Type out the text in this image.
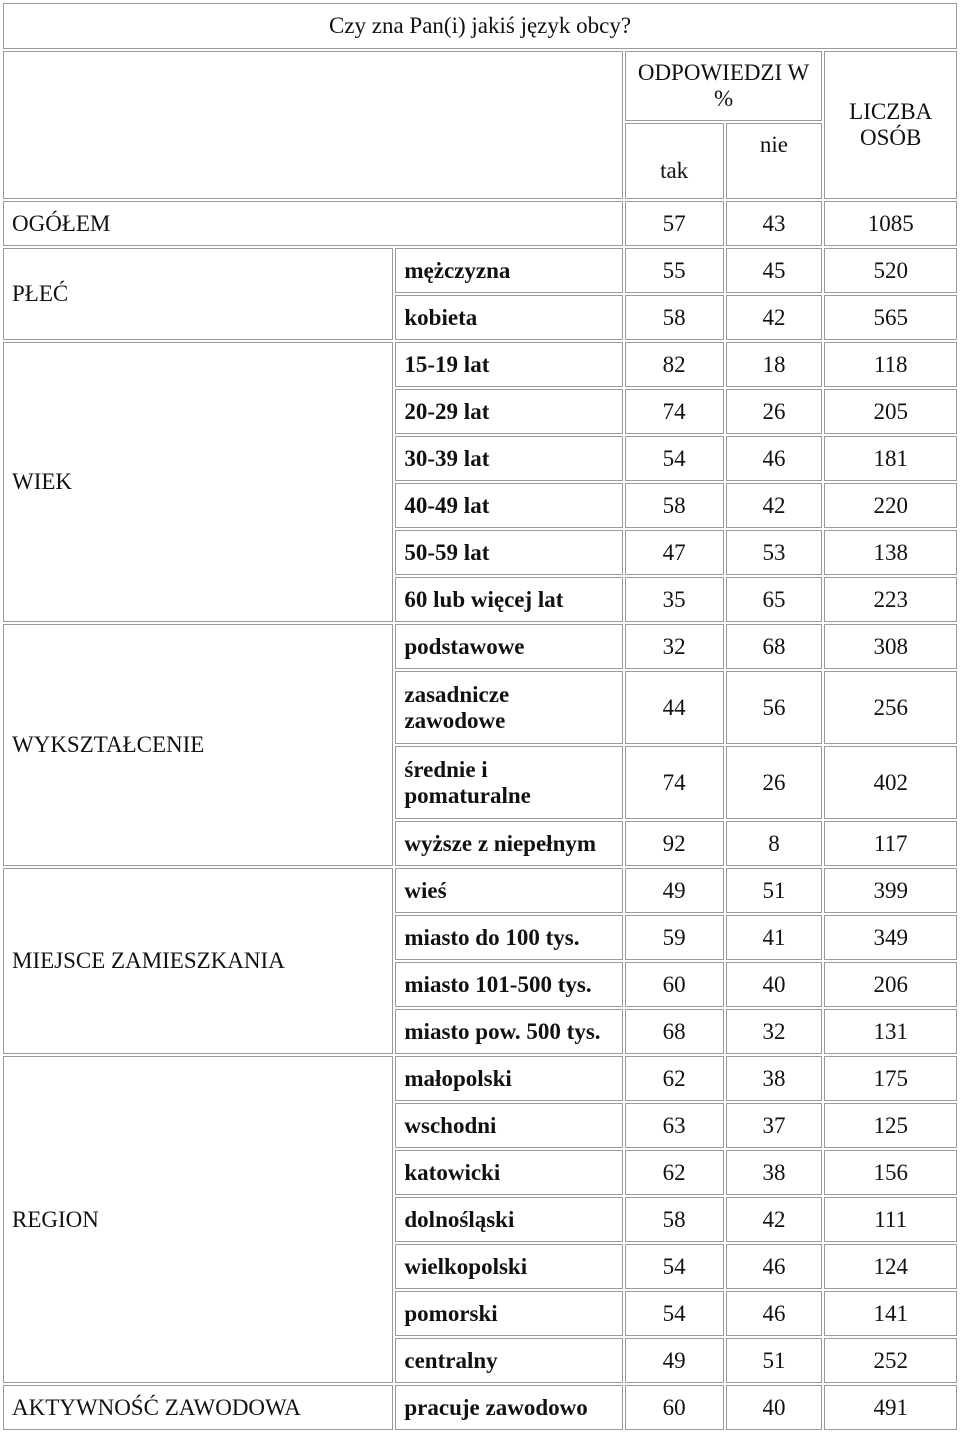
Czy zna Pan(i) jakiś język obcy?				
		ODPOWIEDZI W %		LICZBA OSÓB
		tak	nie	
OGÓŁEM		57	43	1085
PŁEĆ	mężczyzna	55	45	520
	kobieta	58	42	565
WIEK	15-19 lat	82	18	118
	20-29 lat	74	26	205
	30-39 lat	54	46	181
	40-49 lat	58	42	220
	50-59 lat	47	53	138
	60 lub więcej lat	35	65	223
WYKSZTAŁCENIE	podstawowe	32	68	308
	zasadnicze zawodowe	44	56	256
	średnie i pomaturalne	74	26	402
	wyższe z niepełnym	92	8	117
MIEJSCE ZAMIESZKANIA	wieś	49	51	399
	miasto do 100 tys.	59	41	349
	miasto 101-500 tys.	60	40	206
	miasto pow. 500 tys.	68	32	131
REGION	małopolski	62	38	175
	wschodni	63	37	125
	katowicki	62	38	156
	dolnośląski	58	42	111
	wielkopolski	54	46	124
	pomorski	54	46	141
	centralny	49	51	252
AKTYWNOŚĆ ZAWODOWA	pracuje zawodowo	60	40	491
